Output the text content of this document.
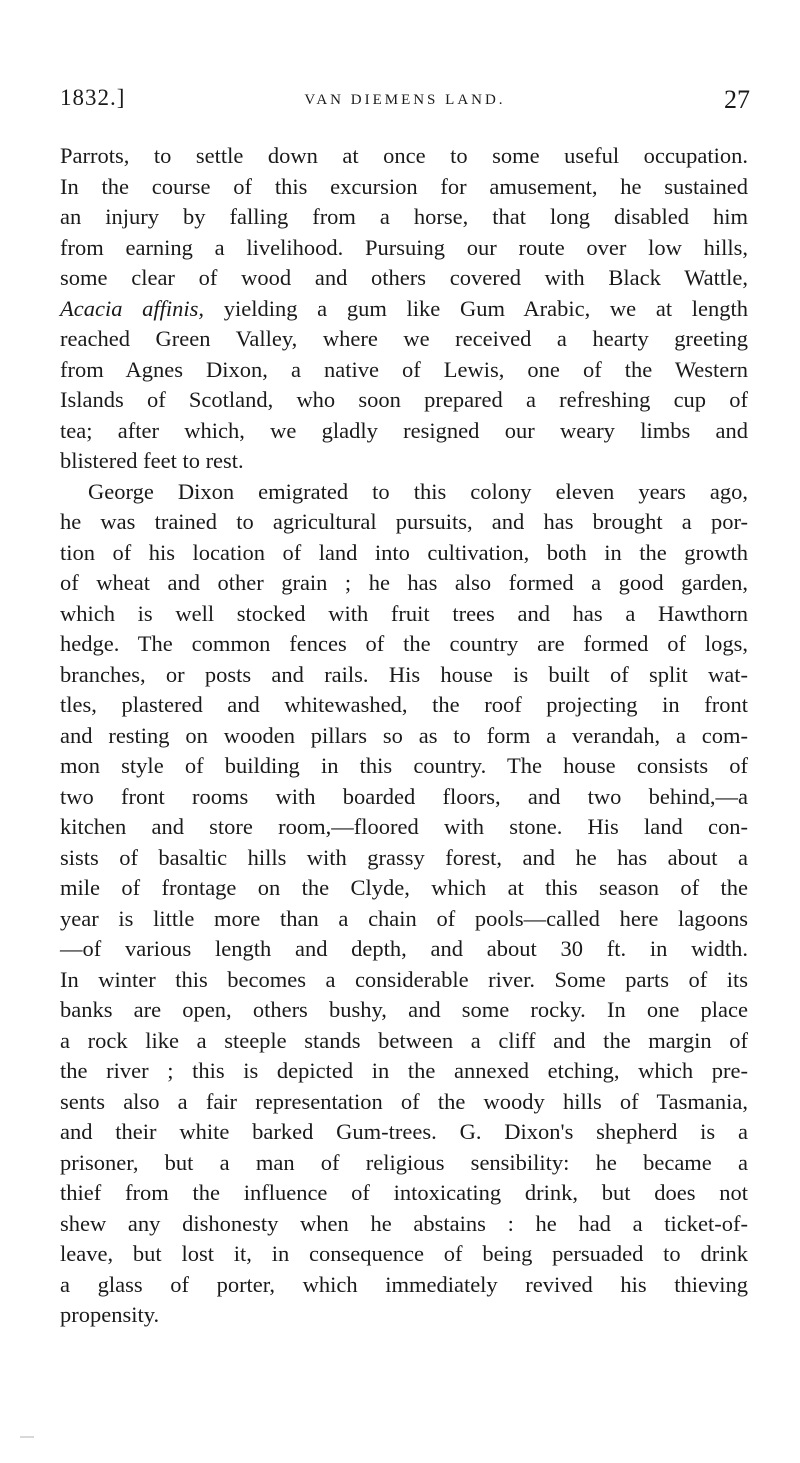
1832.]	VAN DIEMENS LAND.	27
Parrots, to settle down at once to some useful occupation.
In the course of this excursion for amusement, he sustained
an injury by falling from a horse, that long disabled him
from earning a livelihood. Pursuing our route over low hills,
some clear of wood and others covered with Black Wattle,
Acacia affinis, yielding a gum like Gum Arabic, we at length
reached Green Valley, where we received a hearty greeting
from Agnes Dixon, a native of Lewis, one of the Western
Islands of Scotland, who soon prepared a refreshing cup of
tea; after which, we gladly resigned our weary limbs and
blistered feet to rest.
George Dixon emigrated to this colony eleven years ago,
he was trained to agricultural pursuits, and has brought a por-
tion of his location of land into cultivation, both in the growth
of wheat and other grain ; he has also formed a good garden,
which is well stocked with fruit trees and has a Hawthorn
hedge. The common fences of the country are formed of logs,
branches, or posts and rails. His house is built of split wat-
tles, plastered and whitewashed, the roof projecting in front
and resting on wooden pillars so as to form a verandah, a com-
mon style of building in this country. The house consists of
two front rooms with boarded floors, and two behind,—a
kitchen and store room,—floored with stone. His land con-
sists of basaltic hills with grassy forest, and he has about a
mile of frontage on the Clyde, which at this season of the
year is little more than a chain of pools—called here lagoons
—of various length and depth, and about 30 ft. in width.
In winter this becomes a considerable river. Some parts of its
banks are open, others bushy, and some rocky. In one place
a rock like a steeple stands between a cliff and the margin of
the river ; this is depicted in the annexed etching, which pre-
sents also a fair representation of the woody hills of Tasmania,
and their white barked Gum-trees. G. Dixon's shepherd is a
prisoner, but a man of religious sensibility: he became a
thief from the influence of intoxicating drink, but does not
shew any dishonesty when he abstains : he had a ticket-of-
leave, but lost it, in consequence of being persuaded to drink
a glass of porter, which immediately revived his thieving
propensity.
